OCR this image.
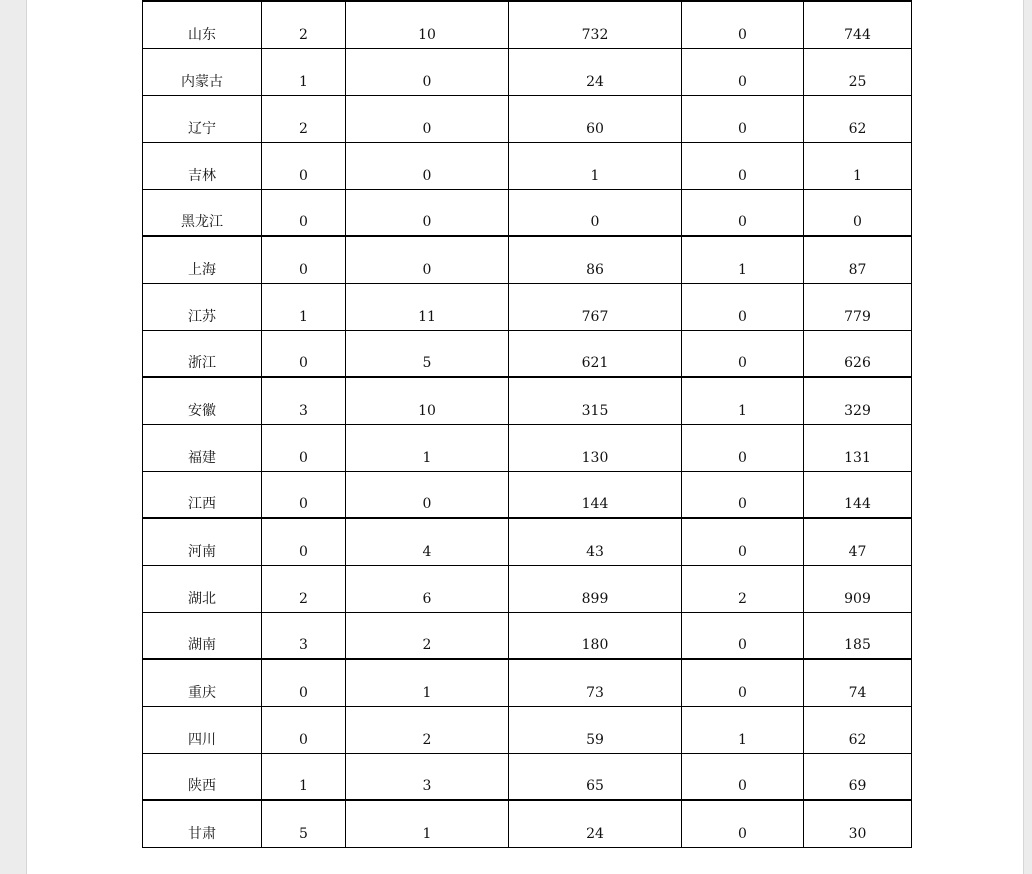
山东	2	10	732	0	744
内蒙古	1	0	24	0	25
辽宁	2	0	60	0	62
吉林	0	0	1	0	1
黑龙江	0	0	0	0	0
上海	0	0	86	1	87
江苏	1	11	767	0	779
浙江	0	5	621	0	626
安徽	3	10	315	1	329
福建	0	1	130	0	131
江西	0	0	144	0	144
河南	0	4	43	0	47
湖北	2	6	899	2	909
湖南	3	2	180	0	185
重庆	0	1	73	0	74
四川	0	2	59	1	62
陕西	1	3	65	0	69
甘肃	5	1	24	0	30
